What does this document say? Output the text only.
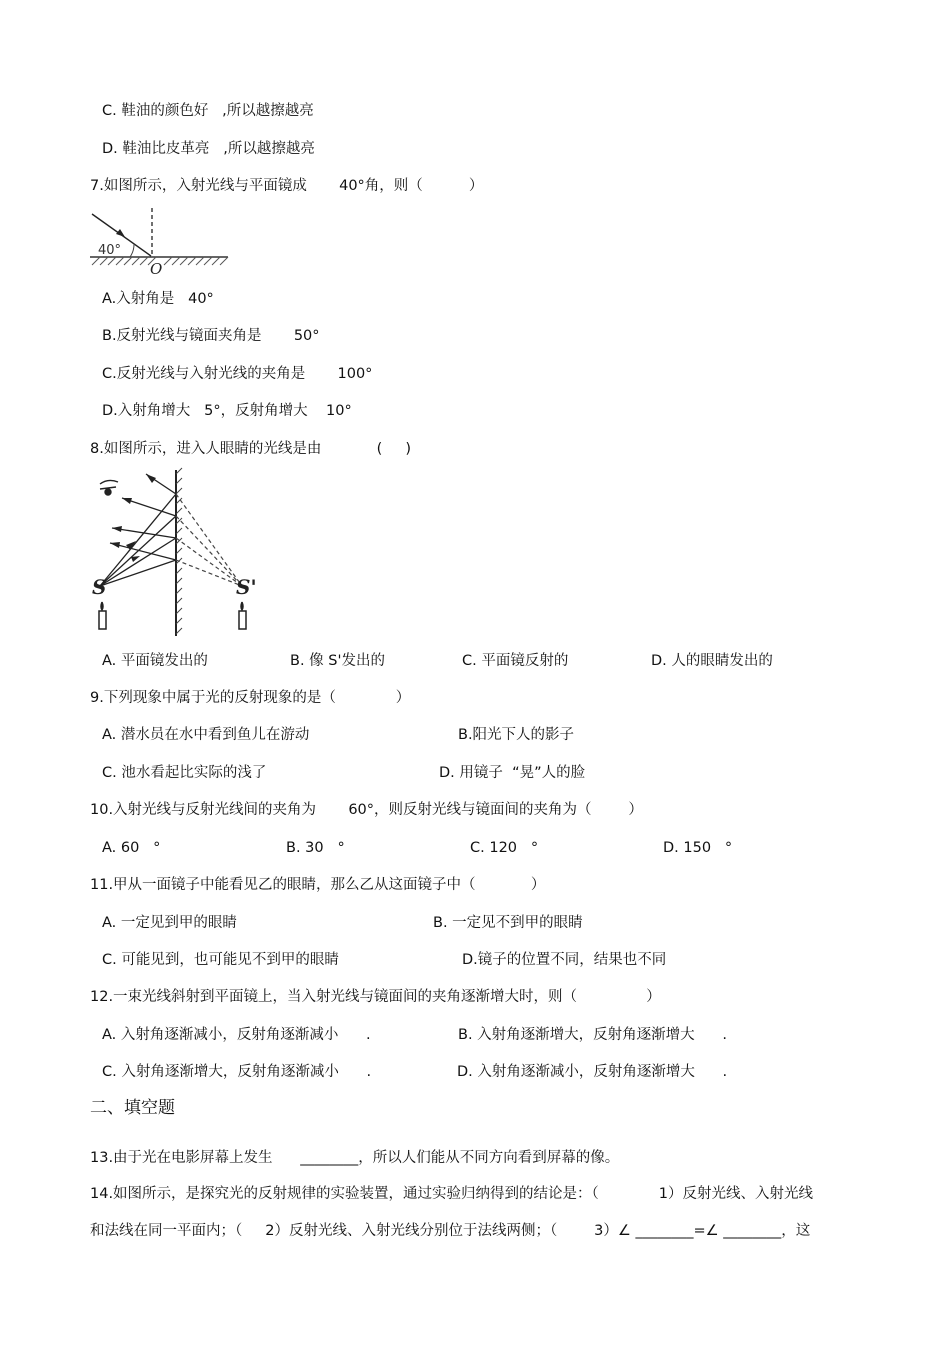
C. 鞋油的颜色好   ,所以越擦越亮
D. 鞋油比皮革亮   ,所以越擦越亮
7.如图所示，入射光线与平面镜成       40°角，则（          ）
40°
O
A.入射角是   40°
B.反射光线与镜面夹角是       50°
C.反射光线与入射光线的夹角是       100°
D.入射角增大   5°，反射角增大    10°
8.如图所示，进入人眼睛的光线是由            (     )
S	S'
A. 平面镜发出的	B. 像 S'发出的	C. 平面镜反射的	D. 人的眼睛发出的
9.下列现象中属于光的反射现象的是（             ）
A. 潜水员在水中看到鱼儿在游动	B.阳光下人的影子
C. 池水看起比实际的浅了	D. 用镜子  “晃”人的脸
10.入射光线与反射光线间的夹角为       60°，则反射光线与镜面间的夹角为（        ）
A. 60   °	B. 30   °	C. 120   °	D. 150   °
11.甲从一面镜子中能看见乙的眼睛，那么乙从这面镜子中（            ）
A. 一定见到甲的眼睛	B. 一定见不到甲的眼睛
C. 可能见到，也可能见不到甲的眼睛	D.镜子的位置不同，结果也不同
12.一束光线斜射到平面镜上，当入射光线与镜面间的夹角逐渐增大时，则（               ）
A. 入射角逐渐减小，反射角逐渐减小      .	B. 入射角逐渐增大，反射角逐渐增大      .
C. 入射角逐渐增大，反射角逐渐减小      .	D. 入射角逐渐减小，反射角逐渐增大      .
二、填空题
13.由于光在电影屏幕上发生      ________，所以人们能从不同方向看到屏幕的像。
14.如图所示，是探究光的反射规律的实验装置，通过实验归纳得到的结论是：（             1）反射光线、入射光线
和法线在同一平面内；（     2）反射光线、入射光线分别位于法线两侧；（        3）∠ ________=∠ ________，这
